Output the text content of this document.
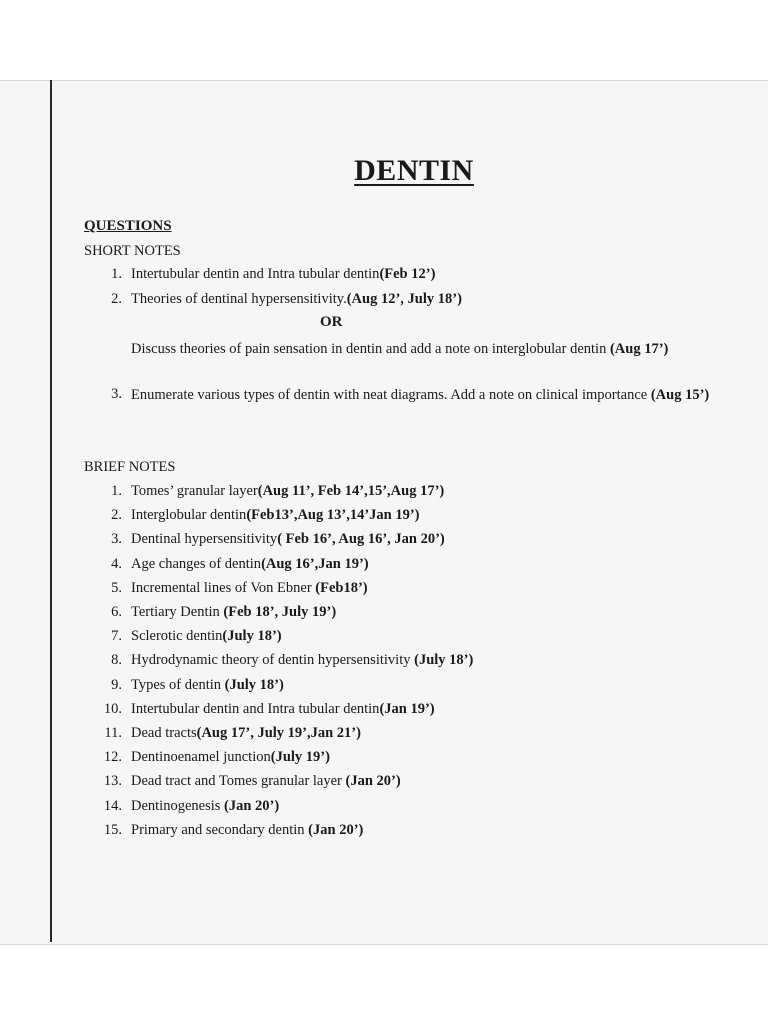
DENTIN
QUESTIONS
SHORT NOTES
1. Intertubular dentin and Intra tubular dentin(Feb 12’)
2. Theories of dentinal hypersensitivity.(Aug 12’, July 18’)
OR
Discuss theories of pain sensation in dentin and add a note on interglobular dentin (Aug 17’)
3. Enumerate various types of dentin with neat diagrams. Add a note on clinical importance (Aug 15’)
BRIEF NOTES
1. Tomes’ granular layer(Aug 11’, Feb 14’,15’,Aug 17’)
2. Interglobular dentin(Feb13’,Aug 13’,14’Jan 19’)
3. Dentinal hypersensitivity( Feb 16’, Aug 16’, Jan 20’)
4. Age changes of dentin(Aug 16’,Jan 19’)
5. Incremental lines of Von Ebner (Feb18’)
6. Tertiary Dentin (Feb 18’, July 19’)
7. Sclerotic dentin(July 18’)
8. Hydrodynamic theory of dentin hypersensitivity (July 18’)
9. Types of dentin (July 18’)
10. Intertubular dentin and Intra tubular dentin(Jan 19’)
11. Dead tracts(Aug 17’, July 19’,Jan 21’)
12. Dentinoenamel junction(July 19’)
13. Dead tract and Tomes granular layer (Jan 20’)
14. Dentinogenesis (Jan 20’)
15. Primary and secondary dentin (Jan 20’)
